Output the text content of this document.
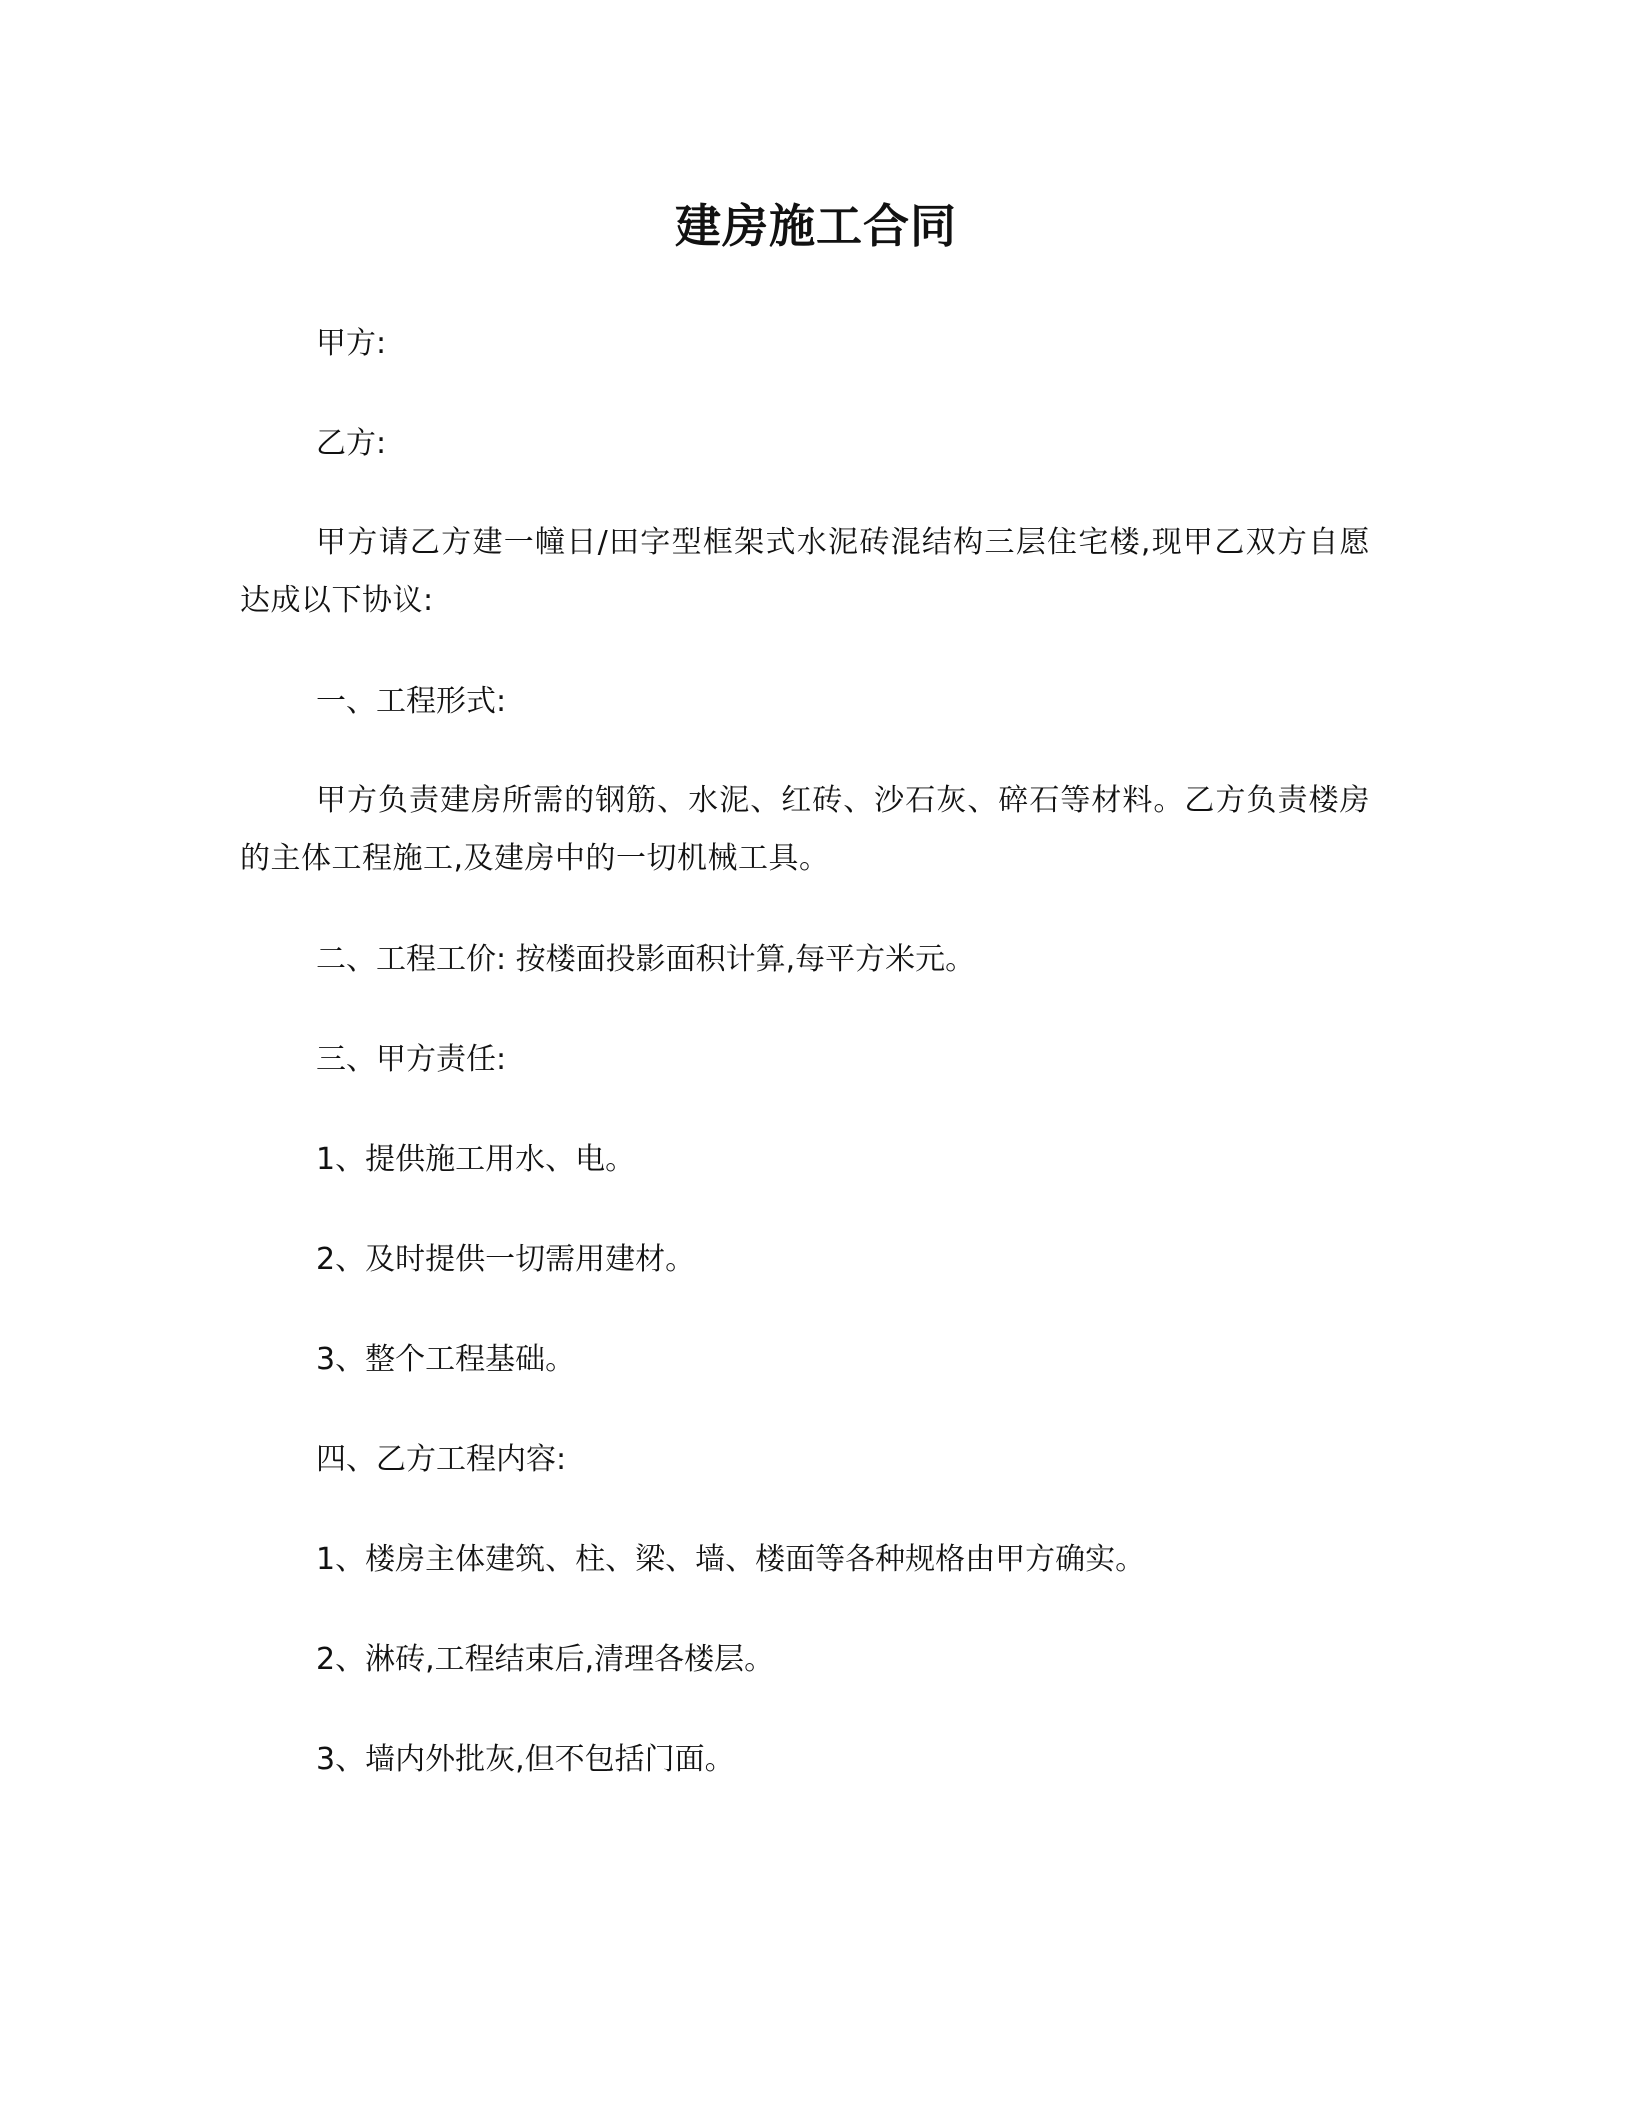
建房施工合同
甲方:
乙方:
甲方请乙方建一幢日/田字型框架式水泥砖混结构三层住宅楼,现甲乙双方自愿达成以下协议:
一、工程形式:
甲方负责建房所需的钢筋、水泥、红砖、沙石灰、碎石等材料。乙方负责楼房的主体工程施工,及建房中的一切机械工具。
二、工程工价: 按楼面投影面积计算,每平方米元。
三、甲方责任:
1、提供施工用水、电。
2、及时提供一切需用建材。
3、整个工程基础。
四、乙方工程内容:
1、楼房主体建筑、柱、梁、墙、楼面等各种规格由甲方确实。
2、淋砖,工程结束后,清理各楼层。
3、墙内外批灰,但不包括门面。
